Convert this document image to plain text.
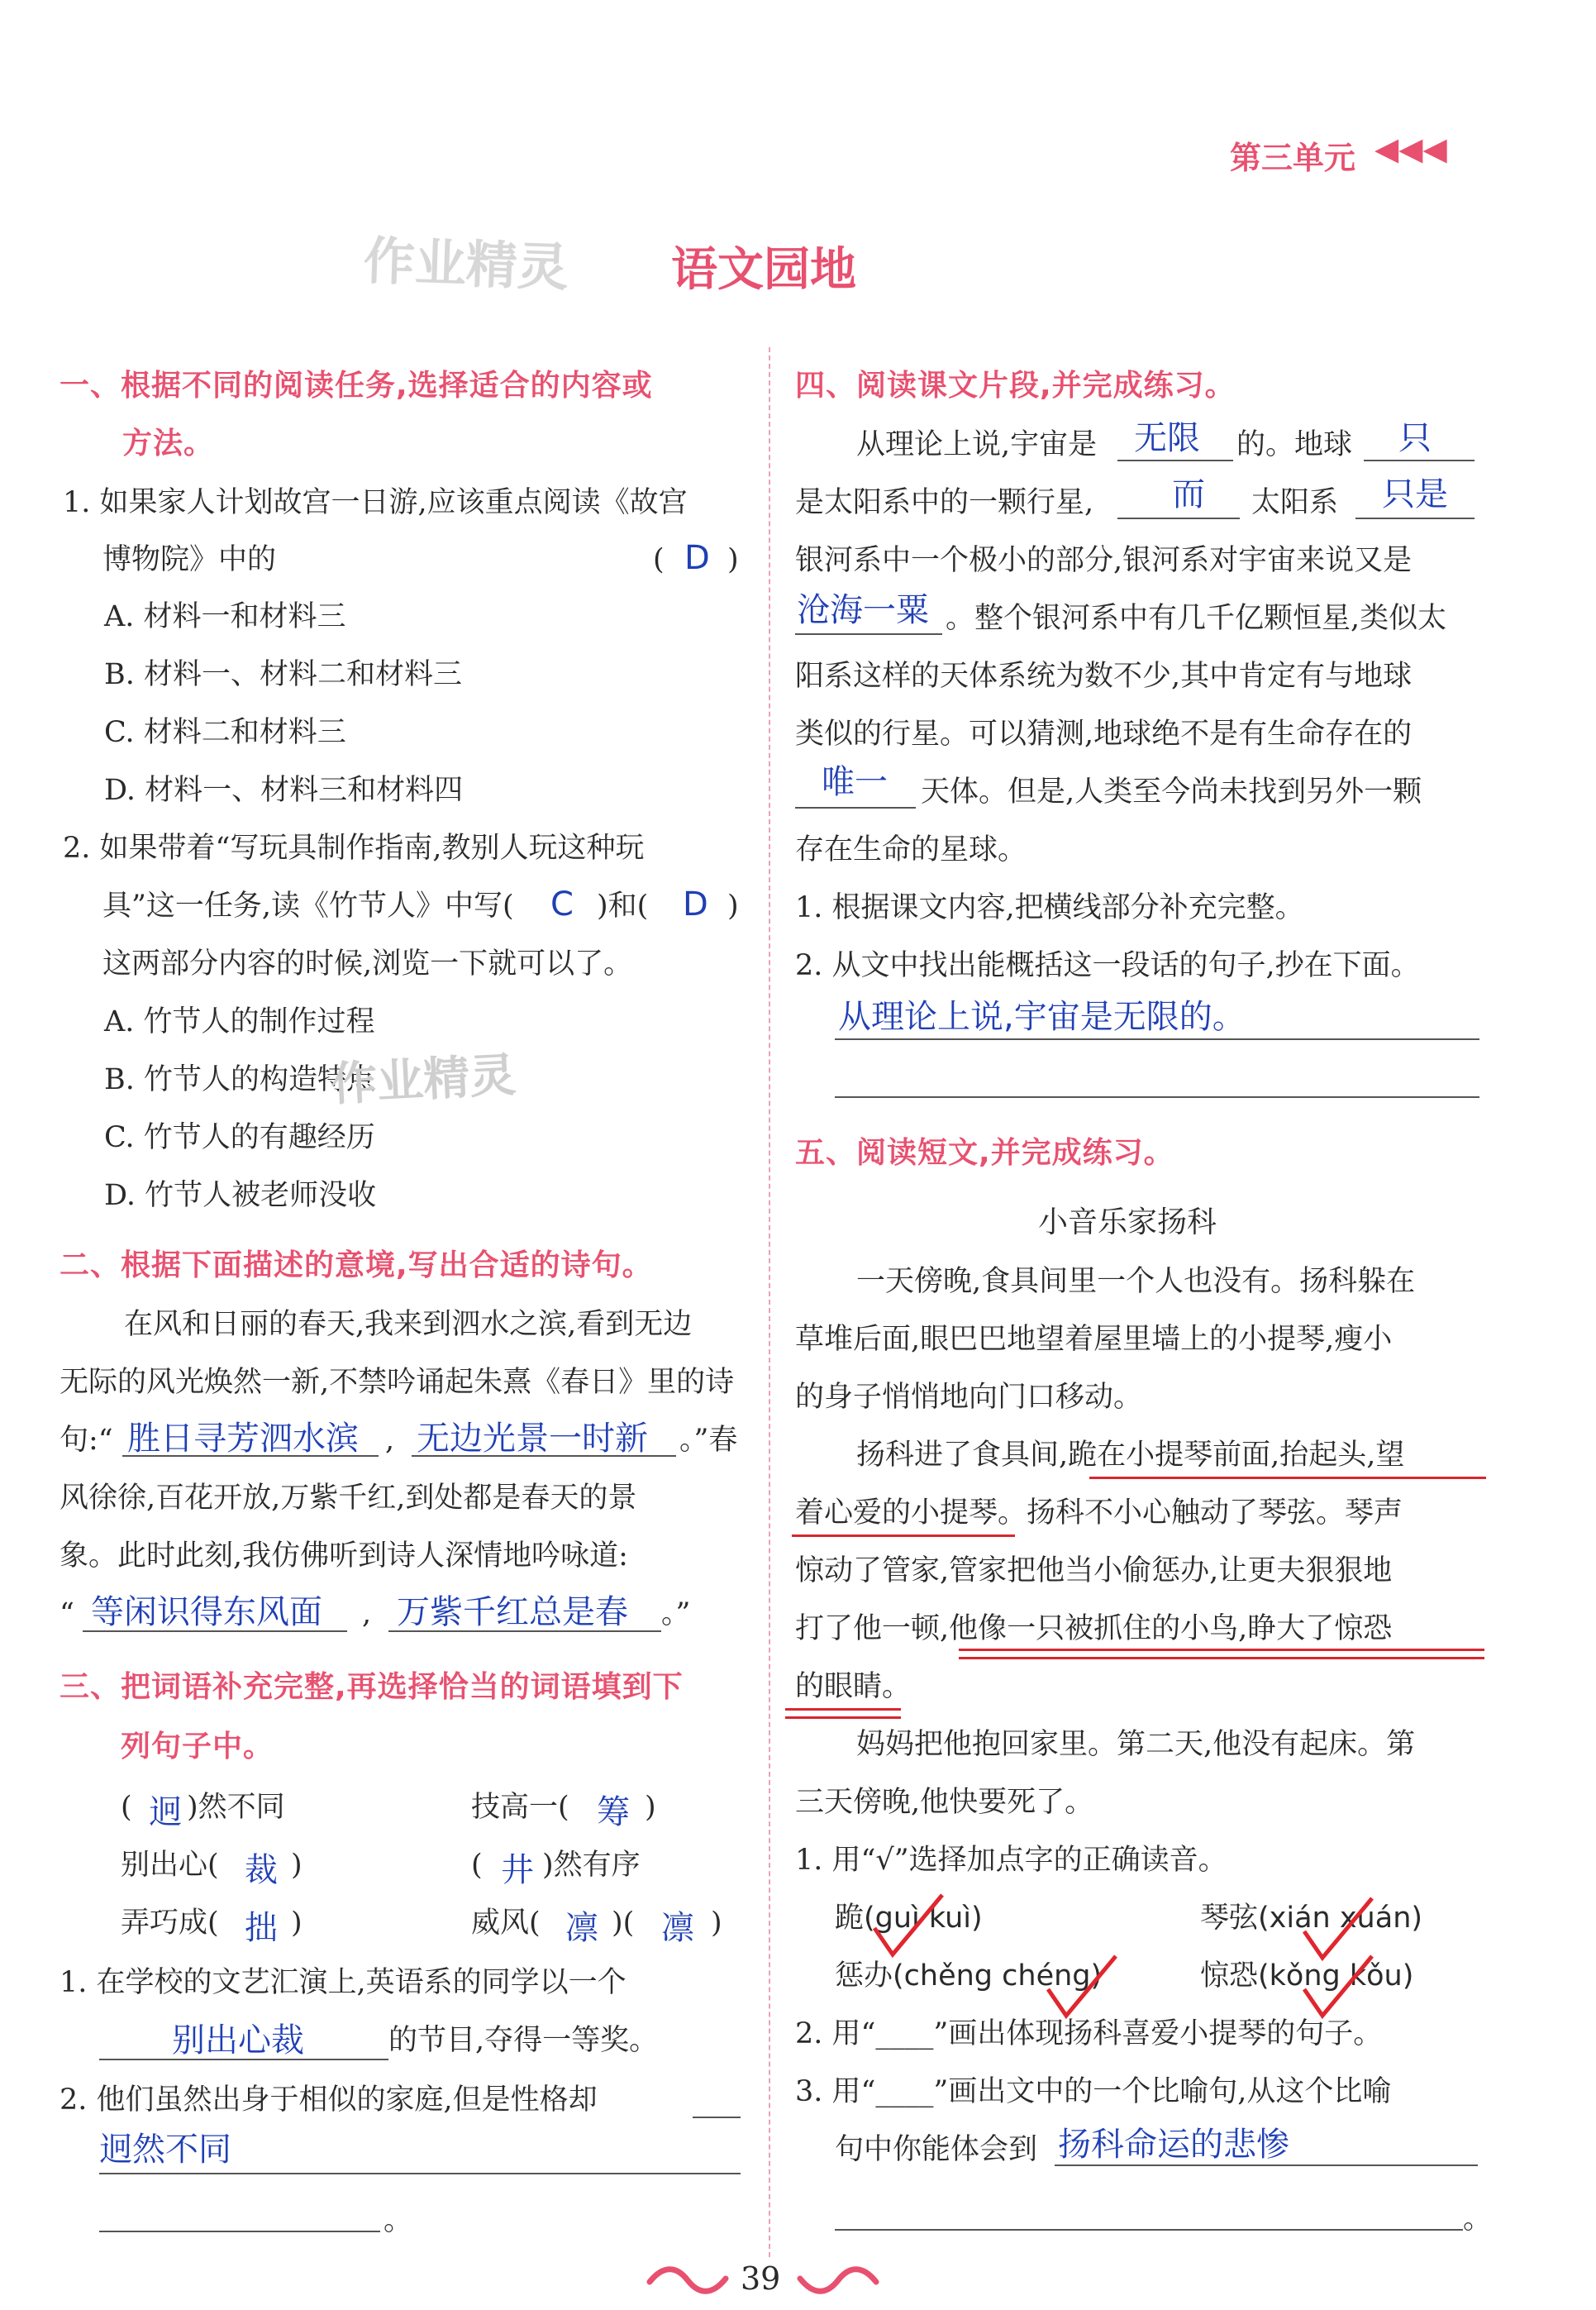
第三单元 ◀◀◀
作业精灵 语文园地
一、根据不同的阅读任务,选择适合的内容或
方法。
1. 如果家人计划故宫一日游,应该重点阅读《故宫
博物院》中的	( D )
A. 材料一和材料三
B. 材料一、材料二和材料三
C. 材料二和材料三
D. 材料一、材料三和材料四
2. 如果带着“写玩具制作指南,教别人玩这种玩
具”这一任务,读《竹节人》中写( C )和( D )
这两部分内容的时候,浏览一下就可以了。
A. 竹节人的制作过程
B. 竹节人的构造特点
C. 竹节人的有趣经历
D. 竹节人被老师没收
作业精灵
二、根据下面描述的意境,写出合适的诗句。
在风和日丽的春天,我来到泗水之滨,看到无边
无际的风光焕然一新,不禁吟诵起朱熹《春日》里的诗
句:“ 胜日寻芳泗水滨 , 无边光景一时新 。”春
风徐徐,百花开放,万紫千红,到处都是春天的景
象。此时此刻,我仿佛听到诗人深情地吟咏道:
“ 等闲识得东风面 , 万紫千红总是春 。”
三、把词语补充完整,再选择恰当的词语填到下
列句子中。
( 迥 )然不同	技高一( 筹 )
别出心( 裁 )	( 井 )然有序
弄巧成( 拙 )	威风( 凛 )( 凛 )
1. 在学校的文艺汇演上,英语系的同学以一个
别出心裁	的节目,夺得一等奖。
2. 他们虽然出身于相似的家庭,但是性格却
迥然不同
。
四、阅读课文片段,并完成练习。
从理论上说,宇宙是 无限 的。地球 只
是太阳系中的一颗行星, 而 太阳系 只是
银河系中一个极小的部分,银河系对宇宙来说又是
沧海一粟 。整个银河系中有几千亿颗恒星,类似太
阳系这样的天体系统为数不少,其中肯定有与地球
类似的行星。可以猜测,地球绝不是有生命存在的
唯一 天体。但是,人类至今尚未找到另外一颗
存在生命的星球。
1. 根据课文内容,把横线部分补充完整。
2. 从文中找出能概括这一段话的句子,抄在下面。
从理论上说,宇宙是无限的。
五、阅读短文,并完成练习。
小音乐家扬科
一天傍晚,食具间里一个人也没有。扬科躲在
草堆后面,眼巴巴地望着屋里墙上的小提琴,瘦小
的身子悄悄地向门口移动。
扬科进了食具间,跪在小提琴前面,抬起头,望
着心爱的小提琴。扬科不小心触动了琴弦。琴声
惊动了管家,管家把他当小偷惩办,让更夫狠狠地
打了他一顿,他像一只被抓住的小鸟,睁大了惊恐
的眼睛。
妈妈把他抱回家里。第二天,他没有起床。第
三天傍晚,他快要死了。
1. 用“√”选择加点字的正确读音。
跪(guì kuì)	琴弦(xián xuán)
惩办(chěng chéng)	惊恐(kǒng kǒu)
2. 用“____”画出体现扬科喜爱小提琴的句子。
3. 用“____”画出文中的一个比喻句,从这个比喻
句中你能体会到 扬科命运的悲惨
。
39
